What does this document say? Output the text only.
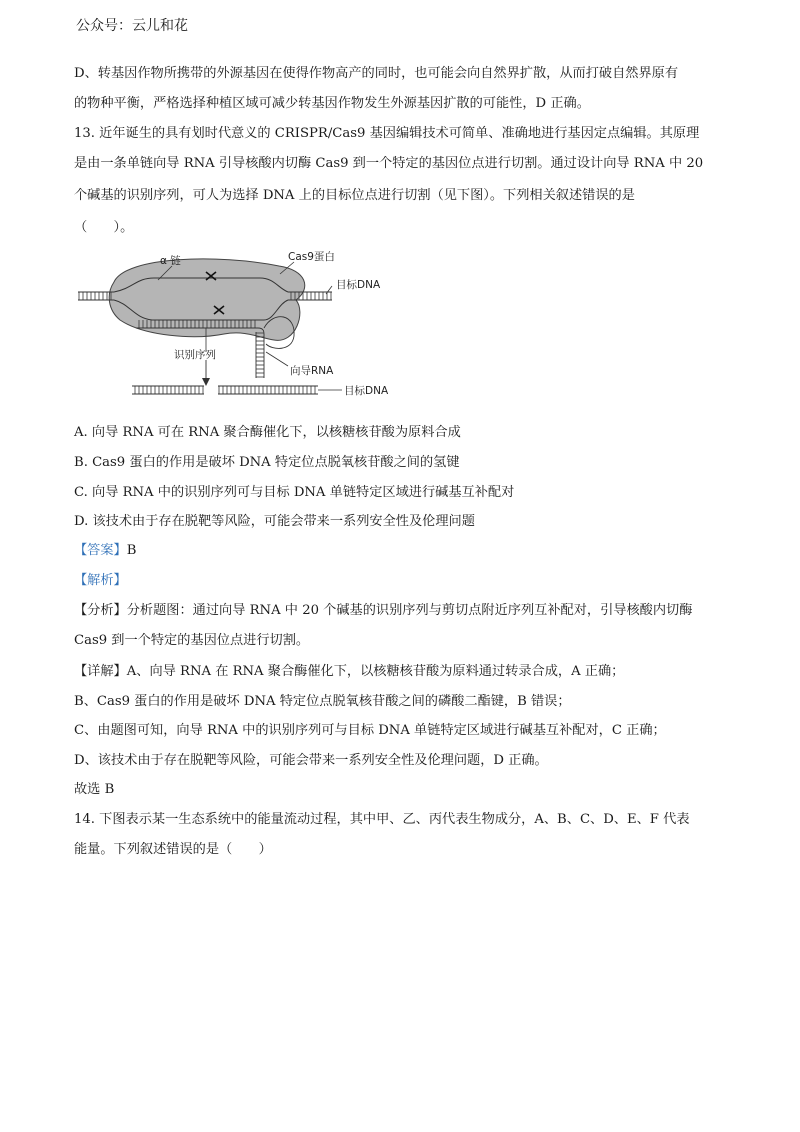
公众号：云儿和花
D、转基因作物所携带的外源基因在使得作物高产的同时，也可能会向自然界扩散，从而打破自然界原有
的物种平衡，严格选择种植区域可减少转基因作物发生外源基因扩散的可能性，D 正确。
13. 近年诞生的具有划时代意义的 CRISPR/Cas9 基因编辑技术可简单、准确地进行基因定点编辑。其原理
是由一条单链向导 RNA 引导核酸内切酶 Cas9 到一个特定的基因位点进行切割。通过设计向导 RNA 中 20
个碱基的识别序列，可人为选择 DNA 上的目标位点进行切割（见下图）。下列相关叙述错误的是
（　　）。
α 链	Cas9蛋白
目标DNA
识别序列
向导RNA
目标DNA
A. 向导 RNA 可在 RNA 聚合酶催化下，以核糖核苷酸为原料合成
B. Cas9 蛋白的作用是破坏 DNA 特定位点脱氧核苷酸之间的氢键
C. 向导 RNA 中的识别序列可与目标 DNA 单链特定区域进行碱基互补配对
D. 该技术由于存在脱靶等风险，可能会带来一系列安全性及伦理问题
【答案】B
【解析】
【分析】分析题图：通过向导 RNA 中 20 个碱基的识别序列与剪切点附近序列互补配对，引导核酸内切酶
Cas9 到一个特定的基因位点进行切割。
【详解】A、向导 RNA 在 RNA 聚合酶催化下，以核糖核苷酸为原料通过转录合成，A 正确；
B、Cas9 蛋白的作用是破坏 DNA 特定位点脱氧核苷酸之间的磷酸二酯键，B 错误；
C、由题图可知，向导 RNA 中的识别序列可与目标 DNA 单链特定区域进行碱基互补配对，C 正确；
D、该技术由于存在脱靶等风险，可能会带来一系列安全性及伦理问题，D 正确。
故选 B
14. 下图表示某一生态系统中的能量流动过程，其中甲、乙、丙代表生物成分，A、B、C、D、E、F 代表
能量。下列叙述错误的是（　　）
